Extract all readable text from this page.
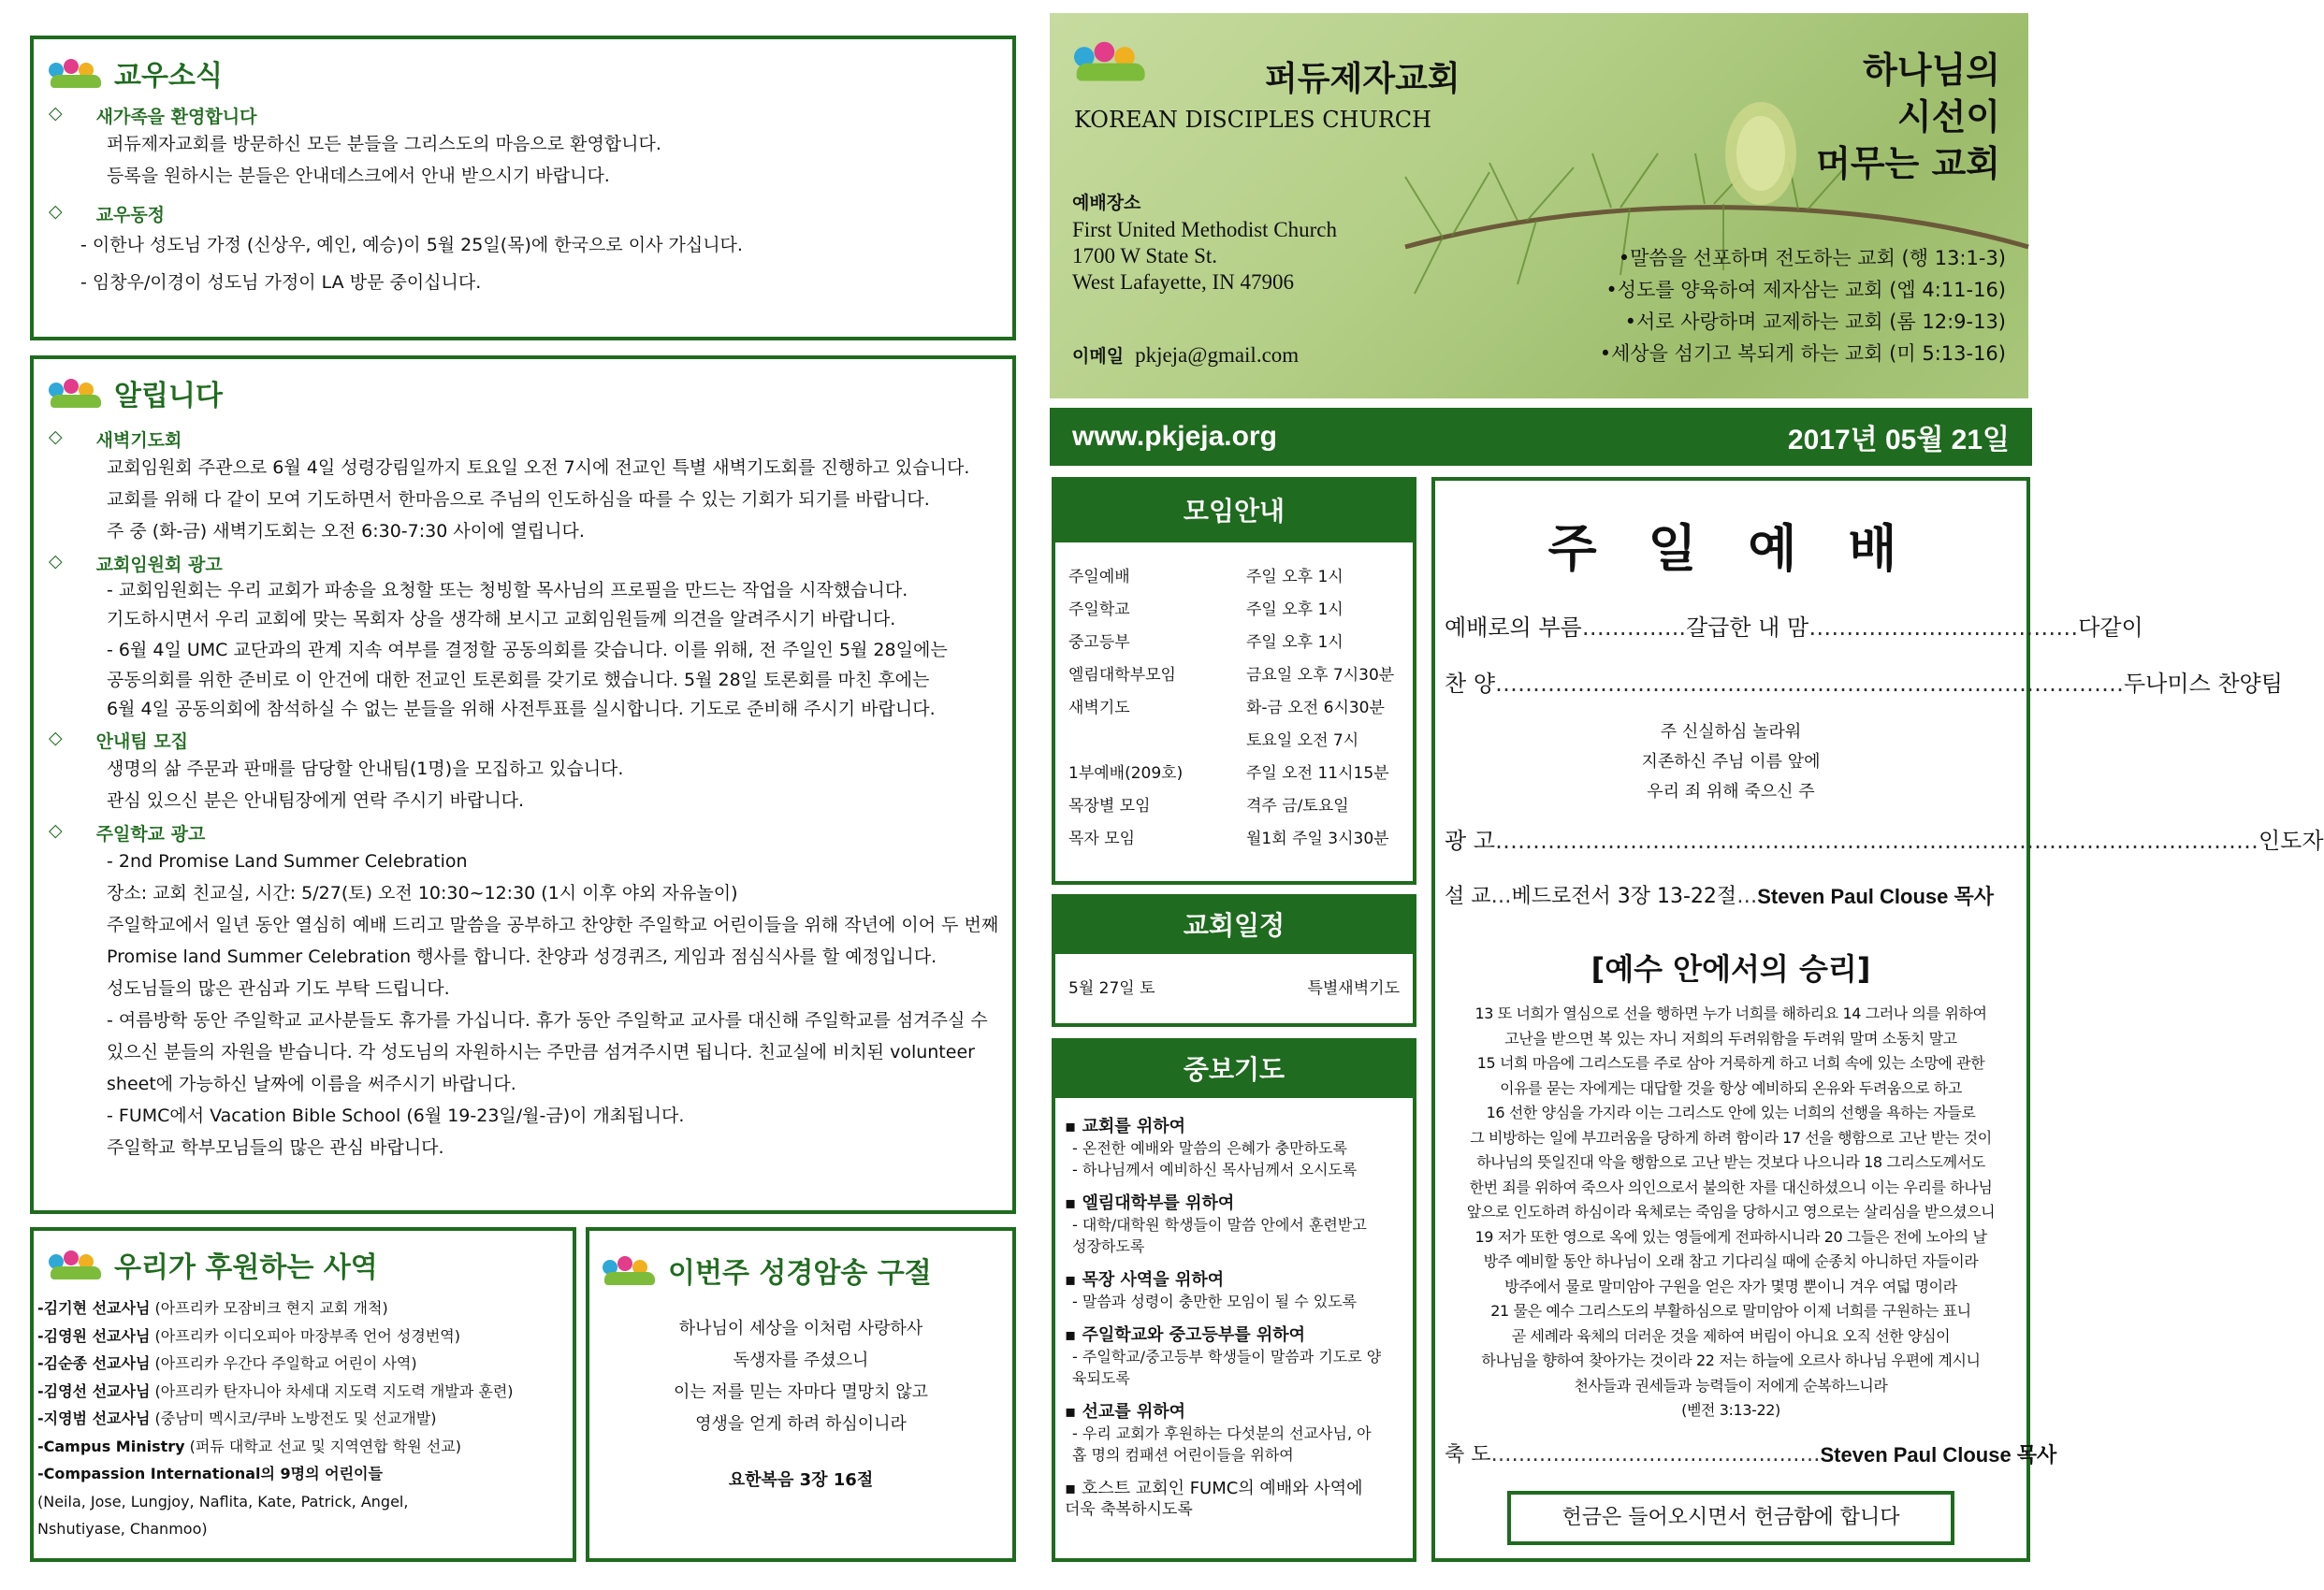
교우소식
◇ 새가족을 환영합니다
퍼듀제자교회를 방문하신 모든 분들을 그리스도의 마음으로 환영합니다.
등록을 원하시는 분들은 안내데스크에서 안내 받으시기 바랍니다.
◇ 교우동정
- 이한나 성도님 가정 (신상우, 예인, 예승)이 5월 25일(목)에 한국으로 이사 가십니다.
- 임창우/이경이 성도님 가정이 LA 방문 중이십니다.
알립니다
◇ 새벽기도회
교회임원회 주관으로 6월 4일 성령강림일까지 토요일 오전 7시에 전교인 특별 새벽기도회를 진행하고 있습니다.
교회를 위해 다 같이 모여 기도하면서 한마음으로 주님의 인도하심을 따를 수 있는 기회가 되기를 바랍니다.
주 중 (화-금) 새벽기도회는 오전 6:30-7:30 사이에 열립니다.
◇ 교회임원회 광고
- 교회임원회는 우리 교회가 파송을 요청할 또는 청빙할 목사님의 프로필을 만드는 작업을 시작했습니다.
기도하시면서 우리 교회에 맞는 목회자 상을 생각해 보시고 교회임원들께 의견을 알려주시기 바랍니다.
- 6월 4일 UMC 교단과의 관계 지속 여부를 결정할 공동의회를 갖습니다. 이를 위해, 전 주일인 5월 28일에는
공동의회를 위한 준비로 이 안건에 대한 전교인 토론회를 갖기로 했습니다. 5월 28일 토론회를 마친 후에는
6월 4일 공동의회에 참석하실 수 없는 분들을 위해 사전투표를 실시합니다. 기도로 준비해 주시기 바랍니다.
◇ 안내팀 모집
생명의 삶 주문과 판매를 담당할 안내팀(1명)을 모집하고 있습니다.
관심 있으신 분은 안내팀장에게 연락 주시기 바랍니다.
◇ 주일학교 광고
- 2nd Promise Land Summer Celebration
장소: 교회 친교실, 시간: 5/27(토) 오전 10:30~12:30 (1시 이후 야외 자유놀이)
주일학교에서 일년 동안 열심히 예배 드리고 말씀을 공부하고 찬양한 주일학교 어린이들을 위해 작년에 이어 두 번째
Promise land Summer Celebration 행사를 합니다. 찬양과 성경퀴즈, 게임과 점심식사를 할 예정입니다.
성도님들의 많은 관심과 기도 부탁 드립니다.
- 여름방학 동안 주일학교 교사분들도 휴가를 가십니다. 휴가 동안 주일학교 교사를 대신해 주일학교를 섬겨주실 수
있으신 분들의 자원을 받습니다. 각 성도님의 자원하시는 주만큼 섬겨주시면 됩니다. 친교실에 비치된 volunteer
sheet에 가능하신 날짜에 이름을 써주시기 바랍니다.
- FUMC에서 Vacation Bible School (6월 19-23일/월-금)이 개최됩니다.
주일학교 학부모님들의 많은 관심 바랍니다.
우리가 후원하는 사역
-김기현 선교사님 (아프리카 모잠비크 현지 교회 개척)
-김영원 선교사님 (아프리카 이디오피아 마장부족 언어 성경번역)
-김순종 선교사님 (아프리카 우간다 주일학교 어린이 사역)
-김영선 선교사님 (아프리카 탄자니아 차세대 지도력 지도력 개발과 훈련)
-지영범 선교사님 (중남미 멕시코/쿠바 노방전도 및 선교개발)
-Campus Ministry (퍼듀 대학교 선교 및 지역연합 학원 선교)
-Compassion International의 9명의 어린이들
(Neila, Jose, Lungjoy, Naflita, Kate, Patrick, Angel,
Nshutiyase, Chanmoo)
이번주 성경암송 구절
하나님이 세상을 이처럼 사랑하사
독생자를 주셨으니
이는 저를 믿는 자마다 멸망치 않고
영생을 얻게 하려 하심이니라
요한복음 3장 16절
퍼듀제자교회
KOREAN DISCIPLES CHURCH
하나님의
시선이
머무는 교회
예배장소
First United Methodist Church
1700 W State St.
West Lafayette, IN 47906
이메일 pkjeja@gmail.com
•말씀을 선포하며 전도하는 교회 (행 13:1-3)
•성도를 양육하여 제자삼는 교회 (엡 4:11-16)
•서로 사랑하며 교제하는 교회 (롬 12:9-13)
•세상을 섬기고 복되게 하는 교회 (미 5:13-16)
www.pkjeja.org	2017년 05월 21일
모임안내
주일예배	주일 오후 1시
주일학교	주일 오후 1시
중고등부	주일 오후 1시
엘림대학부모임	금요일 오후 7시30분
새벽기도	화-금 오전 6시30분
토요일 오전 7시
1부예배(209호)	주일 오전 11시15분
목장별 모임	격주 금/토요일
목자 모임	월1회 주일 3시30분
교회일정
5월 27일 토	특별새벽기도
중보기도
▪ 교회를 위하여
- 온전한 예배와 말씀의 은혜가 충만하도록
- 하나님께서 예비하신 목사님께서 오시도록
▪ 엘림대학부를 위하여
- 대학/대학원 학생들이 말씀 안에서 훈련받고
성장하도록
▪ 목장 사역을 위하여
- 말씀과 성령이 충만한 모임이 될 수 있도록
▪ 주일학교와 중고등부를 위하여
- 주일학교/중고등부 학생들이 말씀과 기도로 양
육되도록
▪ 선교를 위하여
- 우리 교회가 후원하는 다섯분의 선교사님, 아
홉 명의 컴패션 어린이들을 위하여
▪ 호스트 교회인 FUMC의 예배와 사역에
더욱 축복하시도록
주 일 예 배
예배로의 부름 ………….. 갈급한 내 맘 ……………………………… 다같이
찬 양 ………………………………………………………………………… 두나미스 찬양팀
주 신실하심 놀라워
지존하신 주님 이름 앞에
우리 죄 위해 죽으신 주
광 고 ………………………………………………………………………………………… 인도자
설 교 … 베드로전서 3장 13-22절 … Steven Paul Clouse 목사
[예수 안에서의 승리]
13 또 너희가 열심으로 선을 행하면 누가 너희를 해하리요 14 그러나 의를 위하여
고난을 받으면 복 있는 자니 저희의 두려워함을 두려워 말며 소동치 말고
15 너희 마음에 그리스도를 주로 삼아 거룩하게 하고 너희 속에 있는 소망에 관한
이유를 묻는 자에게는 대답할 것을 항상 예비하되 온유와 두려움으로 하고
16 선한 양심을 가지라 이는 그리스도 안에 있는 너희의 선행을 욕하는 자들로
그 비방하는 일에 부끄러움을 당하게 하려 함이라 17 선을 행함으로 고난 받는 것이
하나님의 뜻일진대 악을 행함으로 고난 받는 것보다 나으니라 18 그리스도께서도
한번 죄를 위하여 죽으사 의인으로서 불의한 자를 대신하셨으니 이는 우리를 하나님
앞으로 인도하려 하심이라 육체로는 죽임을 당하시고 영으로는 살리심을 받으셨으니
19 저가 또한 영으로 옥에 있는 영들에게 전파하시니라 20 그들은 전에 노아의 날
방주 예비할 동안 하나님이 오래 참고 기다리실 때에 순종치 아니하던 자들이라
방주에서 물로 말미암아 구원을 얻은 자가 몇명 뿐이니 겨우 여덟 명이라
21 물은 예수 그리스도의 부활하심으로 말미암아 이제 너희를 구원하는 표니
곧 세례라 육체의 더러운 것을 제하여 버림이 아니요 오직 선한 양심이
하나님을 향하여 찾아가는 것이라 22 저는 하늘에 오르사 하나님 우편에 계시니
천사들과 권세들과 능력들이 저에게 순복하느니라
(벧전 3:13-22)
축 도 ………………………………………… Steven Paul Clouse 목사
헌금은 들어오시면서 헌금함에 합니다
